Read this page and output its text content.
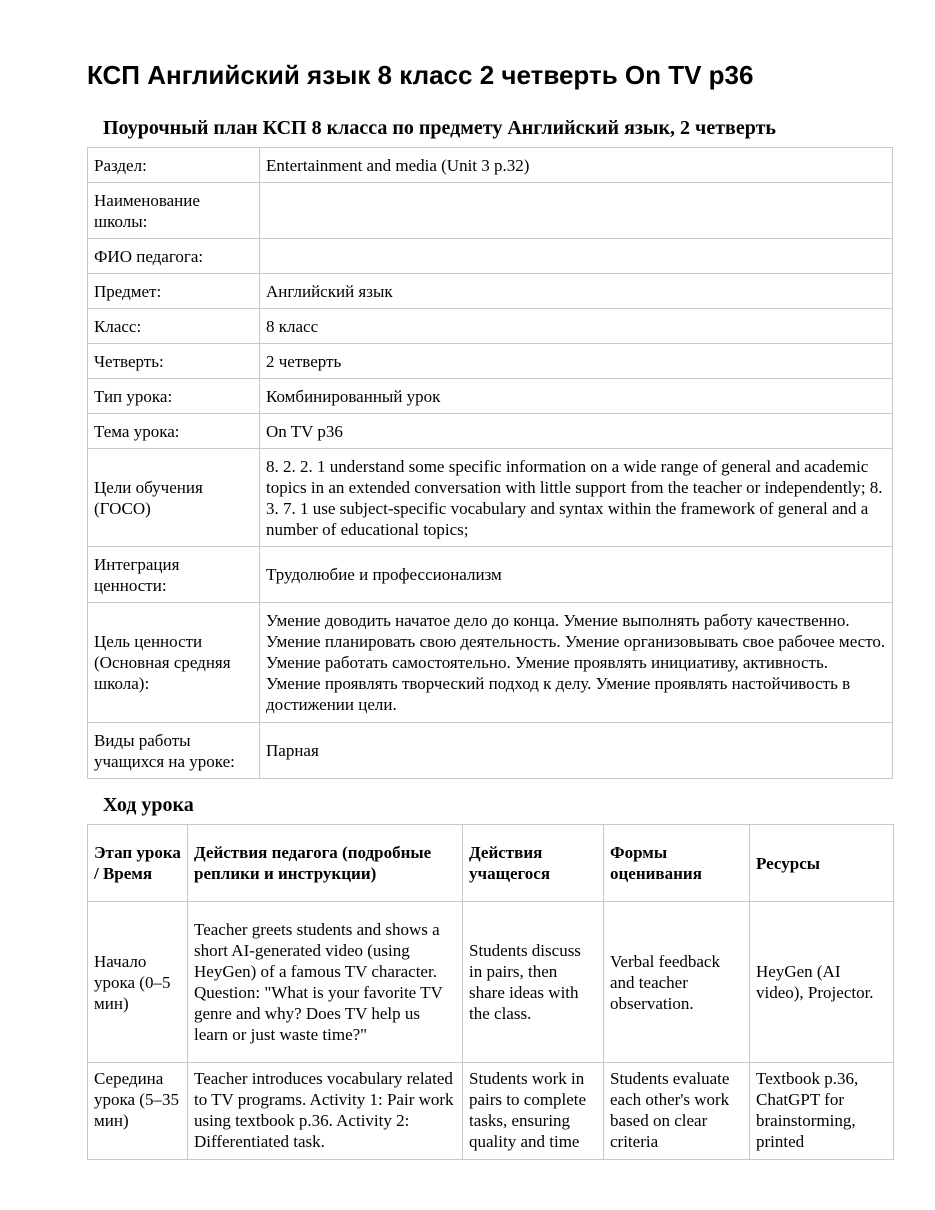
КСП Английский язык 8 класс 2 четверть On TV p36
Поурочный план КСП 8 класса по предмету Английский язык, 2 четверть
Раздел:	Entertainment and media (Unit 3 p.32)
Наименование школы:	
ФИО педагога:	
Предмет:	Английский язык
Класс:	8 класс
Четверть:	2 четверть
Тип урока:	Комбинированный урок
Тема урока:	On TV p36
Цели обучения (ГОСО)	8. 2. 2. 1 understand some specific information on a wide range of general and academic topics in an extended conversation with little support from the teacher or independently; 8. 3. 7. 1 use subject-specific vocabulary and syntax within the framework of general and a number of educational topics;
Интеграция ценности:	Трудолюбие и профессионализм
Цель ценности (Основная средняя школа):	Умение доводить начатое дело до конца. Умение выполнять работу качественно. Умение планировать свою деятельность. Умение организовывать свое рабочее место. Умение работать самостоятельно. Умение проявлять инициативу, активность. Умение проявлять творческий подход к делу. Умение проявлять настойчивость в достижении цели.
Виды работы учащихся на уроке:	Парная
Ход урока
Этап урока / Время	Действия педагога (подробные реплики и инструкции)	Действия учащегося	Формы оценивания	Ресурсы
Начало урока (0–5 мин)	Teacher greets students and shows a short AI-generated video (using HeyGen) of a famous TV character. Question: "What is your favorite TV genre and why? Does TV help us learn or just waste time?"	Students discuss in pairs, then share ideas with the class.	Verbal feedback and teacher observation.	HeyGen (AI video), Projector.
Середина урока (5–35 мин)	Teacher introduces vocabulary related to TV programs. Activity 1: Pair work using textbook p.36. Activity 2: Differentiated task.	Students work in pairs to complete tasks, ensuring quality and time	Students evaluate each other's work based on clear criteria	Textbook p.36, ChatGPT for brainstorming, printed
